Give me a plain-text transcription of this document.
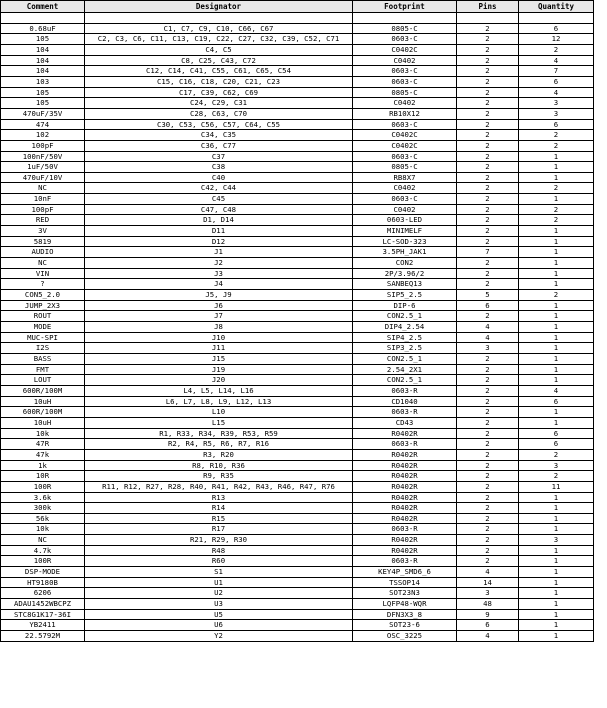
Comment	Designator	Footprint	Pins	Quantity

0.68uF	C1, C7, C9, C10, C66, C67	0805-C	2	6
105	C2, C3, C6, C11, C13, C19, C22, C27, C32, C39, C52, C71	0603-C	2	12
104	C4, C5	C0402C	2	2
104	C8, C25, C43, C72	C0402	2	4
104	C12, C14, C41, C55, C61, C65, C54	0603-C	2	7
103	C15, C16, C18, C20, C21, C23	0603-C	2	6
105	C17, C39, C62, C69	0805-C	2	4
105	C24, C29, C31	C0402	2	3
470uF/35V	C28, C63, C70	RB10X12	2	3
474	C30, C53, C56, C57, C64, C55	0603-C	2	6
102	C34, C35	C0402C	2	2
100pF	C36, C77	C0402C	2	2
100nF/50V	C37	0603-C	2	1
1uF/50V	C38	0805-C	2	1
470uF/10V	C40	RB8X7	2	1
NC	C42, C44	C0402	2	2
10nF	C45	0603-C	2	1
100pF	C47, C48	C0402	2	2
RED	D1, D14	0603-LED	2	2
3V	D11	MINIMELF	2	1
5819	D12	LC-SOD-323	2	1
AUDIO	J1	3.5PH_JAK1	7	1
NC	J2	CON2	2	1
VIN	J3	2P/3.96/2	2	1
?	J4	SANBEQ13	2	1
CON5_2.0	J5, J9	SIP5_2.5	5	2
JUMP_2X3	J6	DIP-6	6	1
ROUT	J7	CON2.5_1	2	1
MODE	J8	DIP4_2.54	4	1
MUC-SPI	J10	SIP4_2.5	4	1
I2S	J11	SIP3_2.5	3	1
BASS	J15	CON2.5_1	2	1
FMT	J19	2.54_2X1	2	1
LOUT	J20	CON2.5_1	2	1
600R/100M	L4, L5, L14, L16	0603-R	2	4
10uH	L6, L7, L8, L9, L12, L13	CD1040	2	6
600R/100M	L10	0603-R	2	1
10uH	L15	CD43	2	1
10k	R1, R33, R34, R39, R53, R59	R0402R	2	6
47R	R2, R4, R5, R6, R7, R16	0603-R	2	6
47k	R3, R20	R0402R	2	2
1k	R8, R10, R36	R0402R	2	3
10R	R9, R35	R0402R	2	2
100R	R11, R12, R27, R28, R40, R41, R42, R43, R46, R47, R76	R0402R	2	11
3.6k	R13	R0402R	2	1
300k	R14	R0402R	2	1
56k	R15	R0402R	2	1
10k	R17	0603-R	2	1
NC	R21, R29, R30	R0402R	2	3
4.7k	R48	R0402R	2	1
100R	R60	0603-R	2	1
DSP-MODE	S1	KEY4P_SMD6_6	4	1
HT9180B	U1	TSSOP14	14	1
6206	U2	SOT23N3	3	1
ADAU1452WBCPZ	U3	LQFP48-WQR	48	1
STC8G1K17-36I	U5	DFN3X3_8	9	1
YB2411	U6	SOT23-6	6	1
22.5792M	Y2	OSC_3225	4	1
